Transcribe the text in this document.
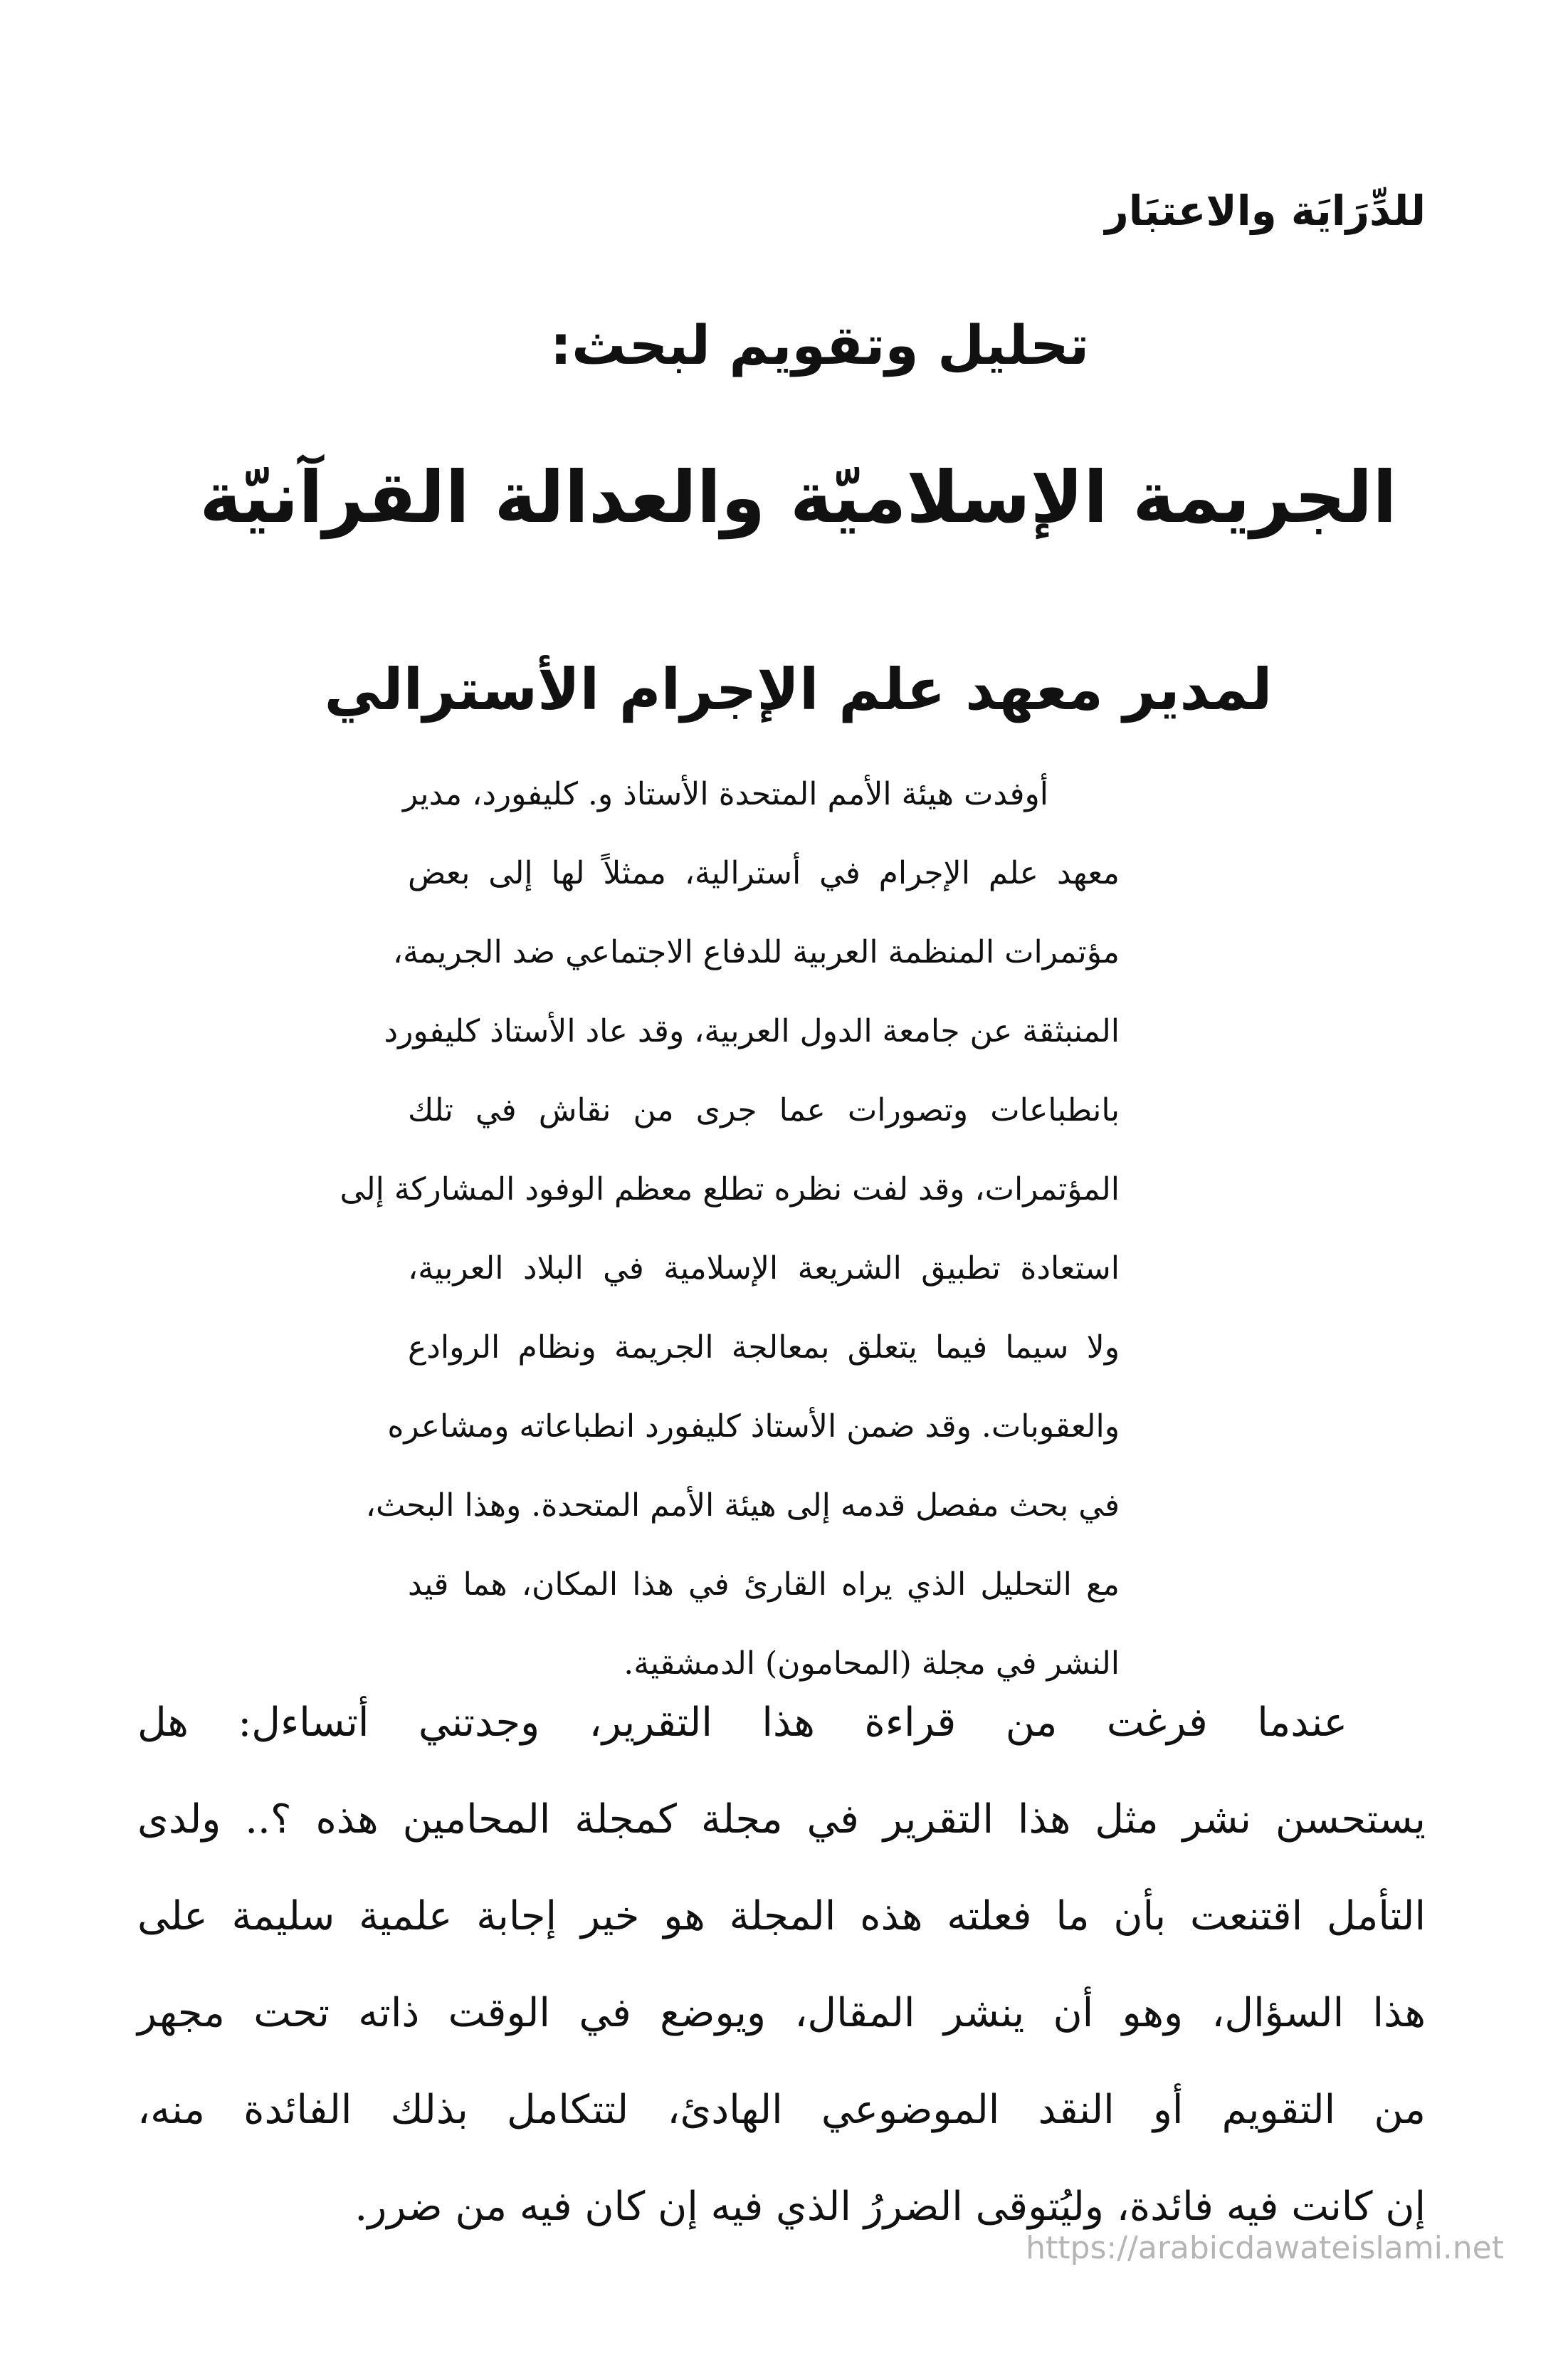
للدِّرَايَة والاعتبَار
تحليل وتقويم لبحث:
الجريمة الإسلاميّة والعدالة القرآنيّة
لمدير معهد علم الإجرام الأسترالي
أوفدت هيئة الأمم المتحدة الأستاذ و. كليفورد، مدير
معهد علم الإجرام في أسترالية، ممثلاً لها إلى بعض
مؤتمرات المنظمة العربية للدفاع الاجتماعي ضد الجريمة،
المنبثقة عن جامعة الدول العربية، وقد عاد الأستاذ كليفورد
بانطباعات وتصورات عما جرى من نقاش في تلك
المؤتمرات، وقد لفت نظره تطلع معظم الوفود المشاركة إلى
استعادة تطبيق الشريعة الإسلامية في البلاد العربية،
ولا سيما فيما يتعلق بمعالجة الجريمة ونظام الروادع
والعقوبات. وقد ضمن الأستاذ كليفورد انطباعاته ومشاعره
في بحث مفصل قدمه إلى هيئة الأمم المتحدة. وهذا البحث،
مع التحليل الذي يراه القارئ في هذا المكان، هما قيد
النشر في مجلة (المحامون) الدمشقية.
عندما فرغت من قراءة هذا التقرير، وجدتني أتساءل: هل
يستحسن نشر مثل هذا التقرير في مجلة كمجلة المحامين هذه ؟.. ولدى
التأمل اقتنعت بأن ما فعلته هذه المجلة هو خير إجابة علمية سليمة على
هذا السؤال، وهو أن ينشر المقال، ويوضع في الوقت ذاته تحت مجهر
من التقويم أو النقد الموضوعي الهادئ، لتتكامل بذلك الفائدة منه،
إن كانت فيه فائدة، وليُتوقى الضررُ الذي فيه إن كان فيه من ضرر.
https://arabicdawateislami.net
